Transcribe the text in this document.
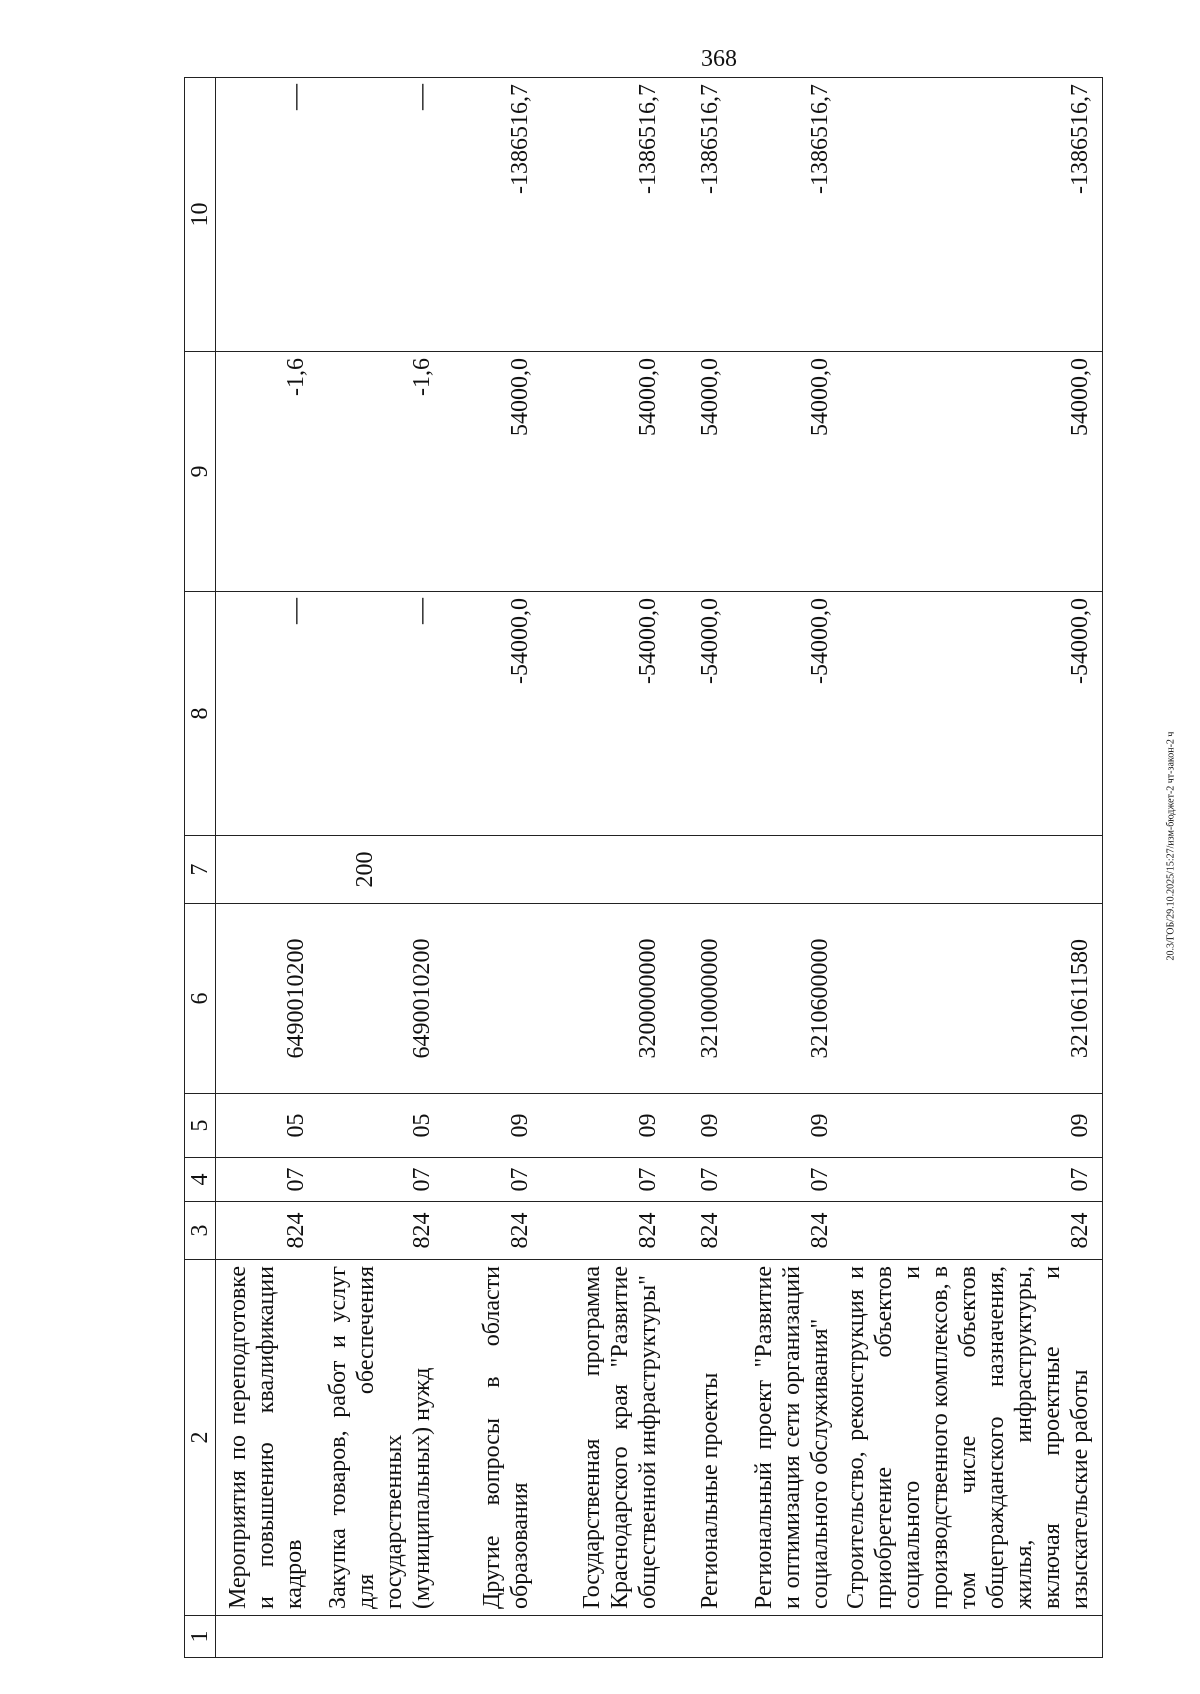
368
1	2	3	4	5	6	7	8	9	10
	Мероприятия по переподготовке и повышению квалификации кадров	824	07	05	6490010200		—	-1,6	—
	Закупка товаров, работ и услуг для обеспечения государственных (муниципальных) нужд	824	07	05	6490010200	200	—	-1,6	—
	Другие вопросы в области образования	824	07	09			-54000,0	54000,0	-1386516,7
	Государственная программа Краснодарского края "Развитие общественной инфраструктуры"	824	07	09	3200000000		-54000,0	54000,0	-1386516,7
	Региональные проекты	824	07	09	3210000000		-54000,0	54000,0	-1386516,7
	Региональный проект "Развитие и оптимизация сети организаций социального обслуживания"	824	07	09	3210600000		-54000,0	54000,0	-1386516,7
	Строительство, реконструкция и приобретение объектов социального и производственного комплексов, в том числе объектов общегражданского назначения, жилья, инфраструктуры, включая проектные и изыскательские работы	824	07	09	3210611580		-54000,0	54000,0	-1386516,7
20.3/ГОБ/29.10.2025/15:27/изм-бюджет-2 чт-закон-2 ч
